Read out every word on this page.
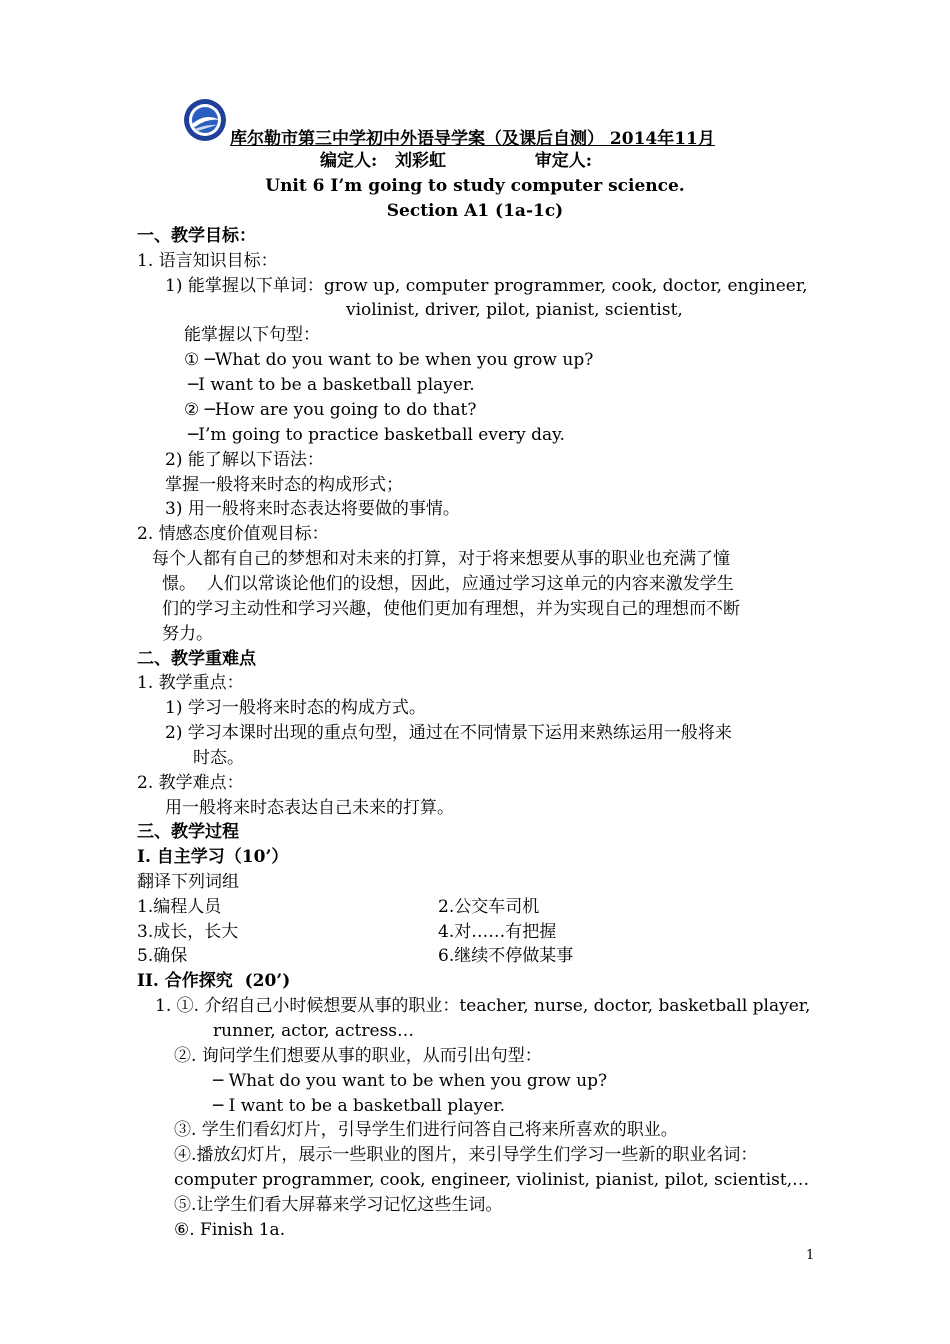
库尔勒市第三中学初中外语导学案（及课后自测） 2014年11月
编定人:   刘彩虹               审定人:
Unit 6 I’m going to study computer science.
Section A1 (1a-1c)
一、教学目标：
1. 语言知识目标：
1) 能掌握以下单词：grow up, computer programmer, cook, doctor, engineer,
violinist, driver, pilot, pianist, scientist,
能掌握以下句型：
① ─What do you want to be when you grow up?
─I want to be a basketball player.
② ─How are you going to do that?
─I’m going to practice basketball every day.
2) 能了解以下语法：
掌握一般将来时态的构成形式；
3) 用一般将来时态表达将要做的事情。
2. 情感态度价值观目标：
每个人都有自己的梦想和对未来的打算，对于将来想要从事的职业也充满了憧
憬。  人们以常谈论他们的设想，因此，应通过学习这单元的内容来激发学生
们的学习主动性和学习兴趣，使他们更加有理想，并为实现自己的理想而不断
努力。
二、教学重难点
1. 教学重点：
1) 学习一般将来时态的构成方式。
2) 学习本课时出现的重点句型，通过在不同情景下运用来熟练运用一般将来
时态。
2. 教学难点：
用一般将来时态表达自己未来的打算。
三、教学过程
I. 自主学习（10’）
翻译下列词组
1.编程人员	2.公交车司机
3.成长，长大	4.对……有把握
5.确保	6.继续不停做某事
II. 合作探究  (20’)
1. ①. 介绍自己小时候想要从事的职业：teacher, nurse, doctor, basketball player,
runner, actor, actress…
②. 询问学生们想要从事的职业，从而引出句型：
─ What do you want to be when you grow up?
─ I want to be a basketball player.
③. 学生们看幻灯片，引导学生们进行问答自己将来所喜欢的职业。
④.播放幻灯片，展示一些职业的图片，来引导学生们学习一些新的职业名词：
computer programmer, cook, engineer, violinist, pianist, pilot, scientist,…
⑤.让学生们看大屏幕来学习记忆这些生词。
⑥. Finish 1a.
1
